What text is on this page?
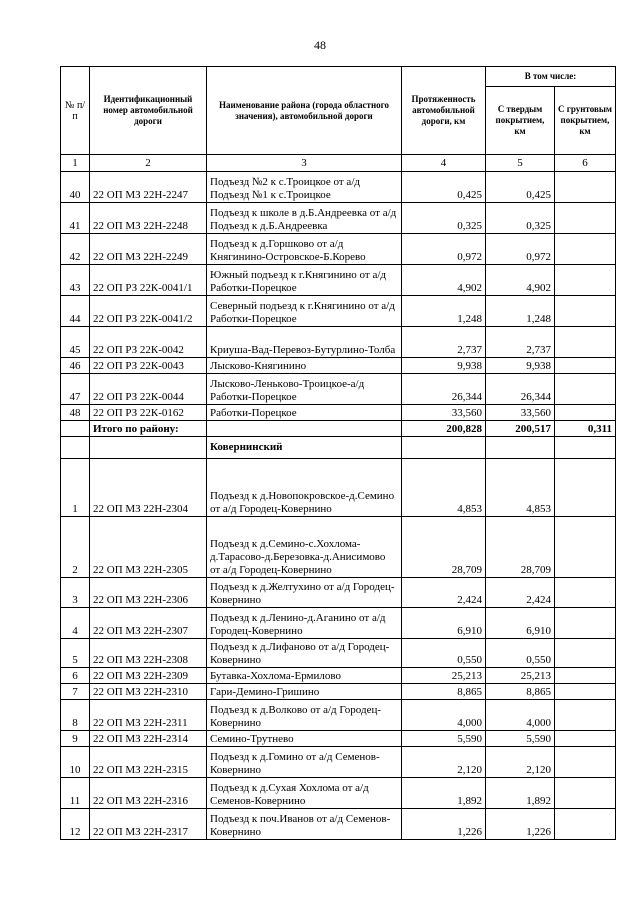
48
№ п/п	Идентификационный номер автомобильной дороги	Наименование района (города областного значения), автомобильной дороги	Протяженность автомобильной дороги, км	В том числе:	
				С твердым покрытием, км	С грунтовым покрытием, км
1	2	3	4	5	6
40	22 ОП МЗ 22Н-2247	Подъезд №2 к с.Троицкое от а/д Подъезд №1 к с.Троицкое	0,425	0,425	
41	22 ОП МЗ 22Н-2248	Подъезд к школе в д.Б.Андреевка от а/д Подъезд к д.Б.Андреевка	0,325	0,325	
42	22 ОП МЗ 22Н-2249	Подъезд к д.Горшково от а/д Княгинино-Островское-Б.Корево	0,972	0,972	
43	22 ОП РЗ 22К-0041/1	Южный подъезд к г.Княгинино от а/д Работки-Порецкое	4,902	4,902	
44	22 ОП РЗ 22К-0041/2	Северный подъезд к г.Княгинино от а/д Работки-Порецкое	1,248	1,248	
45	22 ОП РЗ 22К-0042	Криуша-Вад-Перевоз-Бутурлино-Толба	2,737	2,737	
46	22 ОП РЗ 22К-0043	Лысково-Княгинино	9,938	9,938	
47	22 ОП РЗ 22К-0044	Лысково-Ленькoво-Троицкое-а/д Работки-Порецкое	26,344	26,344	
48	22 ОП РЗ 22К-0162	Работки-Порецкое	33,560	33,560	
	Итого по району:		200,828	200,517	0,311
		Ковернинский			
1	22 ОП МЗ 22Н-2304	Подъезд к д.Новопокровское-д.Семино от а/д Городец-Ковернино	4,853	4,853	
2	22 ОП МЗ 22Н-2305	Подъезд к д.Семино-с.Хохлома-д.Тарасово-д.Березовка-д.Анисимово от а/д Городец-Ковернино	28,709	28,709	
3	22 ОП МЗ 22Н-2306	Подъезд к д.Желтухино от а/д Городец-Ковернино	2,424	2,424	
4	22 ОП МЗ 22Н-2307	Подъезд к д.Ленино-д.Аганино от а/д Городец-Ковернино	6,910	6,910	
5	22 ОП МЗ 22Н-2308	Подъезд к д.Лифаново от а/д Городец-Ковернино	0,550	0,550	
6	22 ОП МЗ 22Н-2309	Бутавка-Хохлома-Ермилово	25,213	25,213	
7	22 ОП МЗ 22Н-2310	Гари-Демино-Гришино	8,865	8,865	
8	22 ОП МЗ 22Н-2311	Подъезд к д.Волково от а/д Городец-Ковернино	4,000	4,000	
9	22 ОП МЗ 22Н-2314	Семино-Трутнево	5,590	5,590	
10	22 ОП МЗ 22Н-2315	Подъезд к д.Гомино от а/д Семенов-Ковернино	2,120	2,120	
11	22 ОП МЗ 22Н-2316	Подъезд к д.Сухая Хохлома от а/д Семенов-Ковернино	1,892	1,892	
12	22 ОП МЗ 22Н-2317	Подъезд к поч.Иванов от а/д Семенов-Ковернино	1,226	1,226	
